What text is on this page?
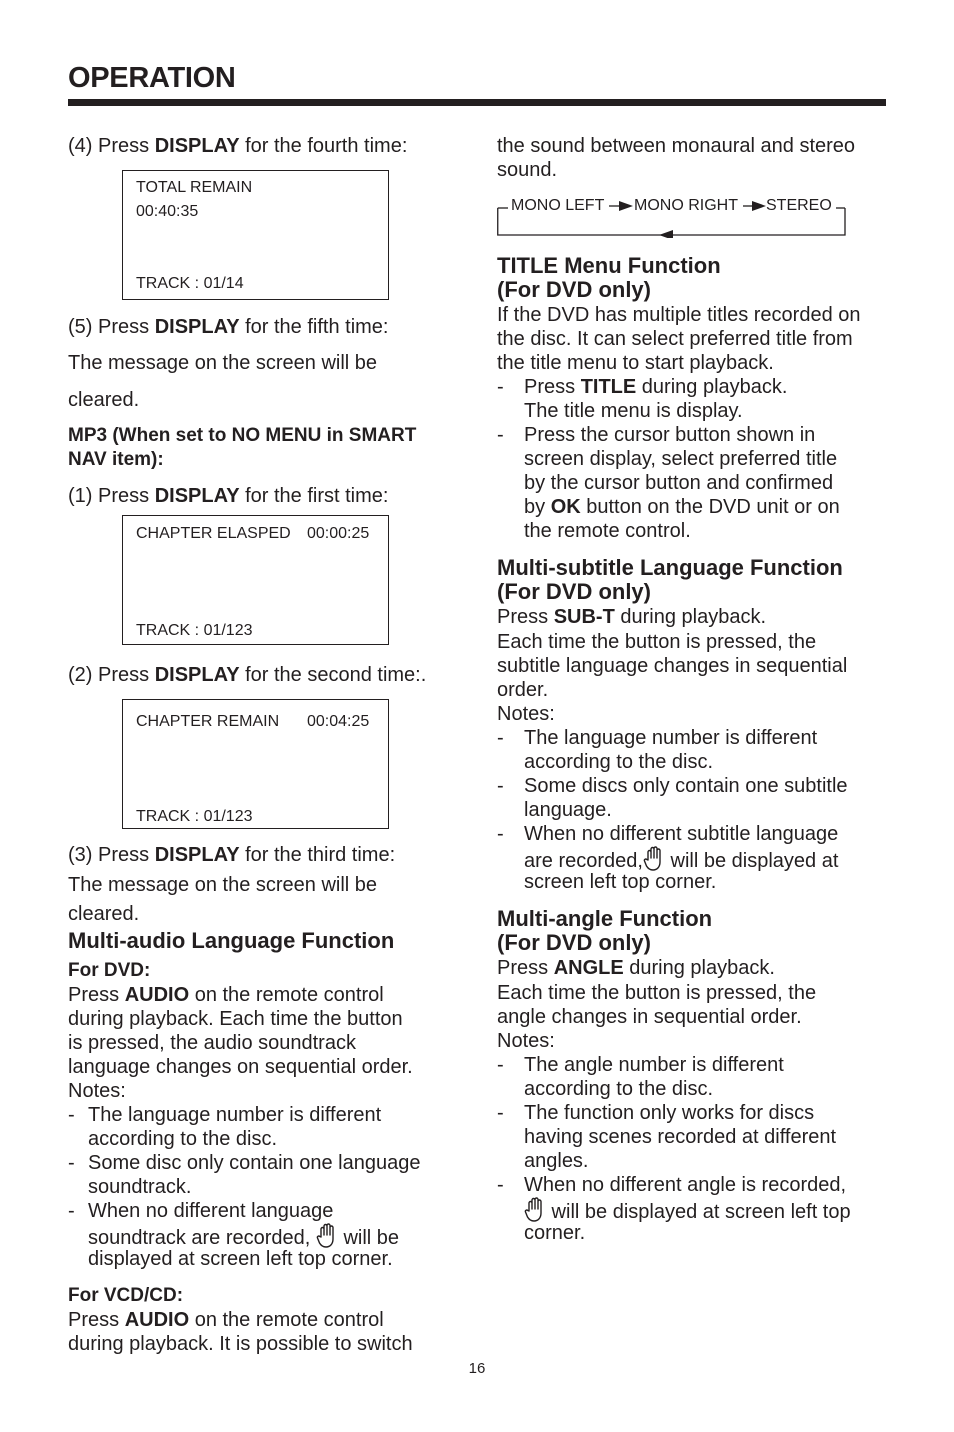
OPERATION
(4) Press DISPLAY for the fourth time:
TOTAL REMAIN
00:40:35
TRACK : 01/14
(5) Press DISPLAY for the fifth time:
The message on the screen will be
cleared.
MP3 (When set to NO MENU in SMART
NAV item):
(1) Press DISPLAY for the first time:
CHAPTER ELASPED 00:00:25
TRACK : 01/123
(2) Press DISPLAY for the second time:.
CHAPTER REMAIN 00:04:25
TRACK : 01/123
(3) Press DISPLAY for the third time:
The message on the screen will be
cleared.
Multi-audio Language Function
For DVD:
Press AUDIO on the remote control
during playback. Each time the button
is pressed, the audio soundtrack
language changes on sequential order.
Notes:
- The language number is different
according to the disc.
- Some disc only contain one language
soundtrack.
- When no different language
soundtrack are recorded,  will be
displayed at screen left top corner.
For VCD/CD:
Press AUDIO on the remote control
during playback. It is possible to switch
the sound between monaural and stereo
sound.
MONO LEFT MONO RIGHT STEREO
TITLE Menu Function
(For DVD only)
If the DVD has multiple titles recorded on
the disc. It can select preferred title from
the title menu to start playback.
- Press TITLE during playback.
The title menu is display.
- Press the cursor button shown in
screen display, select preferred title
by the cursor button and confirmed
by OK button on the DVD unit or on
the remote control.
Multi-subtitle Language Function
(For DVD only)
Press SUB-T during playback.
Each time the button is pressed, the
subtitle language changes in sequential
order.
Notes:
- The language number is different
according to the disc.
- Some discs only contain one subtitle
language.
- When no different subtitle language
are recorded, will be displayed at
screen left top corner.
Multi-angle Function
(For DVD only)
Press ANGLE during playback.
Each time the button is pressed, the
angle changes in sequential order.
Notes:
- The angle number is different
according to the disc.
- The function only works for discs
having scenes recorded at different
angles.
- When no different angle is recorded,
will be displayed at screen left top
corner.
16
